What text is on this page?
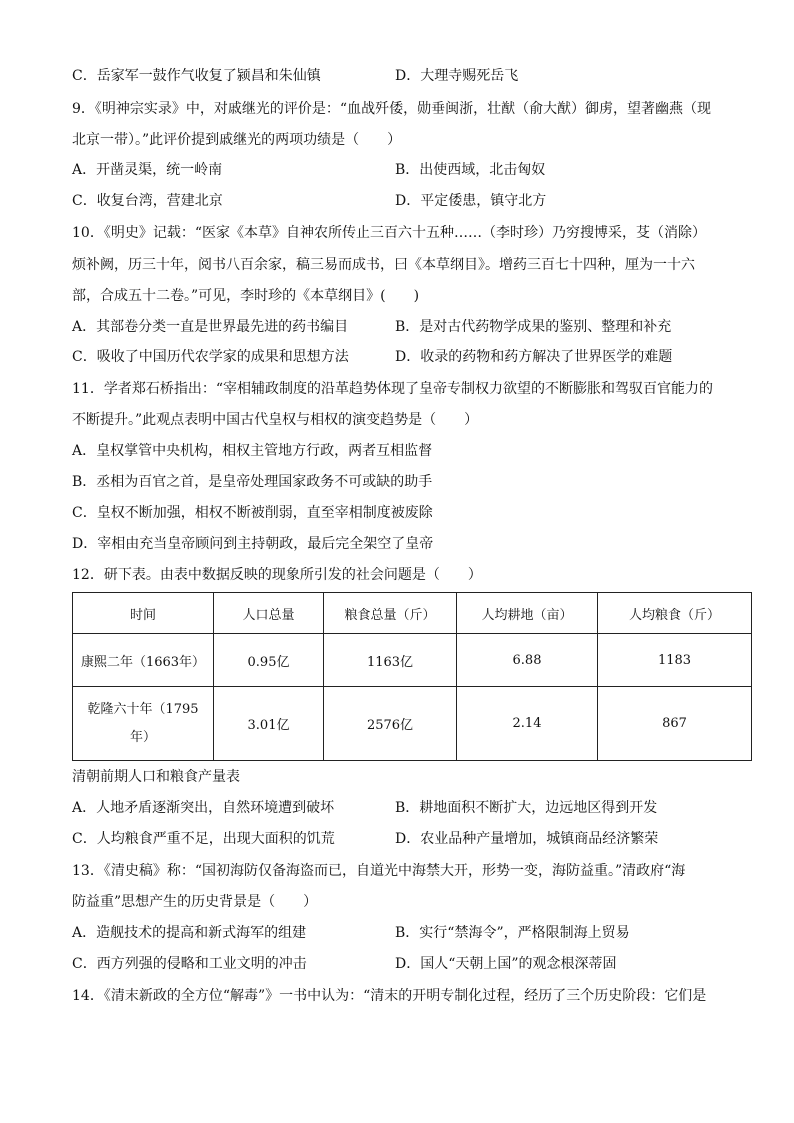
C．岳家军一鼓作气收复了颍昌和朱仙镇	D．大理寺赐死岳飞
9．《明神宗实录》中，对戚继光的评价是：“血战歼倭，勋垂闽浙，壮猷（俞大猷）御虏，望著幽燕（现
北京一带）。”此评价提到戚继光的两项功绩是（　　）
A．开凿灵渠，统一岭南	B．出使西域，北击匈奴
C．收复台湾，营建北京	D．平定倭患，镇守北方
10．《明史》记载：“医家《本草》自神农所传止三百六十五种……（李时珍）乃穷搜博采，芟（消除）
烦补阙，历三十年，阅书八百余家，稿三易而成书，曰《本草纲目》。增药三百七十四种，厘为一十六
部，合成五十二卷。”可见，李时珍的《本草纲目》(　　)
A．其部卷分类一直是世界最先进的药书编目	B．是对古代药物学成果的鉴别、整理和补充
C．吸收了中国历代农学家的成果和思想方法	D．收录的药物和药方解决了世界医学的难题
11．学者郑石桥指出：“宰相辅政制度的沿革趋势体现了皇帝专制权力欲望的不断膨胀和驾驭百官能力的
不断提升。”此观点表明中国古代皇权与相权的演变趋势是（　　）
A．皇权掌管中央机构，相权主管地方行政，两者互相监督
B．丞相为百官之首，是皇帝处理国家政务不可或缺的助手
C．皇权不断加强，相权不断被削弱，直至宰相制度被废除
D．宰相由充当皇帝顾问到主持朝政，最后完全架空了皇帝
12．研下表。由表中数据反映的现象所引发的社会问题是（　　）
时间	人口总量	粮食总量（斤）	人均耕地（亩）	人均粮食（斤）
康熙二年（1663年）	0.95亿	1163亿	6.88	1183
乾隆六十年（1795
年）	3.01亿	2576亿	2.14	867
清朝前期人口和粮食产量表
A．人地矛盾逐渐突出，自然环境遭到破坏	B．耕地面积不断扩大，边远地区得到开发
C．人均粮食严重不足，出现大面积的饥荒	D．农业品种产量增加，城镇商品经济繁荣
13．《清史稿》称：“国初海防仅备海盗而已，自道光中海禁大开，形势一变，海防益重。”清政府“海
防益重”思想产生的历史背景是（　　）
A．造舰技术的提高和新式海军的组建	B．实行“禁海令”，严格限制海上贸易
C．西方列强的侵略和工业文明的冲击	D．国人“天朝上国”的观念根深蒂固
14．《清末新政的全方位“解毒”》一书中认为：“清末的开明专制化过程，经历了三个历史阶段：它们是
